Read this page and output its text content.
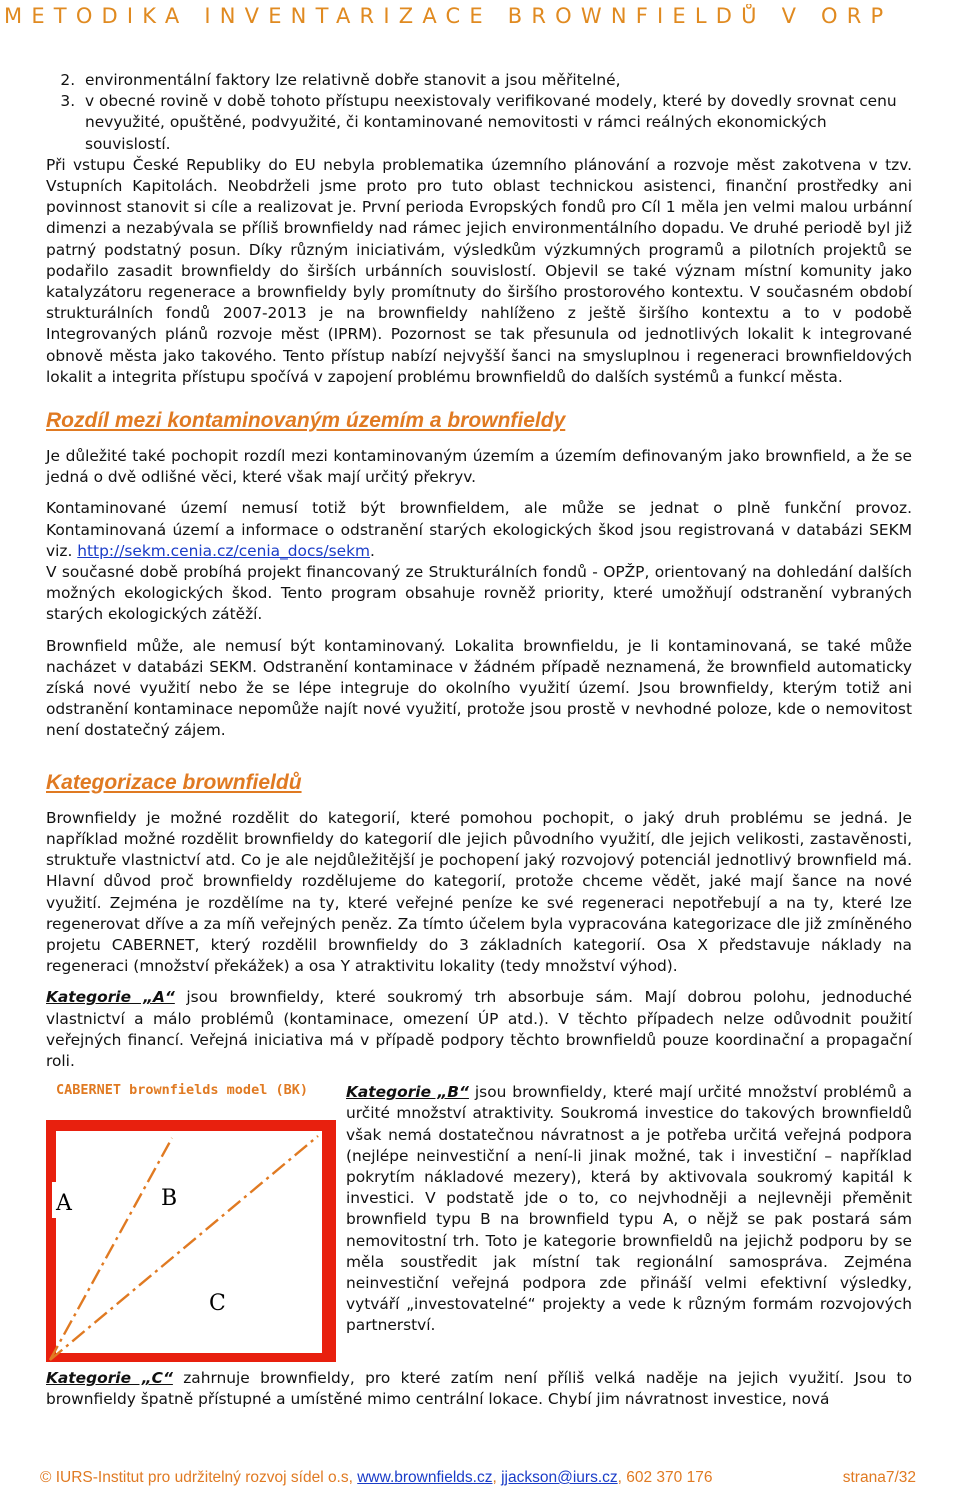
METODIKA INVENTARIZACE BROWNFIELDŮ V ORP
2. environmentální faktory lze relativně dobře stanovit a jsou měřitelné,
3. v obecné rovině v době tohoto přístupu neexistovaly verifikované modely, které by dovedly srovnat cenu nevyužité, opuštěné, podvyužité, či kontaminované nemovitosti v rámci reálných ekonomických souvislostí.

Při vstupu České Republiky do EU nebyla problematika územního plánování a rozvoje měst zakotvena v tzv. Vstupních Kapitolách. Neobdrželi jsme proto pro tuto oblast technickou asistenci, finanční prostředky ani povinnost stanovit si cíle a realizovat je. První perioda Evropských fondů pro Cíl 1 měla jen velmi malou urbánní dimenzi a nezabývala se příliš brownfieldy nad rámec jejich environmentálního dopadu. Ve druhé periodě byl již patrný podstatný posun. Díky různým iniciativám, výsledkům výzkumných programů a pilotních projektů se podařilo zasadit brownfieldy do širších urbánních souvislostí. Objevil se také význam místní komunity jako katalyzátoru regenerace a brownfieldy byly promítnuty do širšího prostorového kontextu. V současném období strukturálních fondů 2007-2013 je na brownfieldy nahlíženo z ještě širšího kontextu a to v podobě Integrovaných plánů rozvoje měst (IPRM). Pozornost se tak přesunula od jednotlivých lokalit k integrované obnově města jako takového. Tento přístup nabízí nejvyšší šanci na smysluplnou i regeneraci brownfieldových lokalit a integrita přístupu spočívá v zapojení problému brownfieldů do dalších systémů a funkcí města.

Rozdíl mezi kontaminovaným územím a brownfieldy

Je důležité také pochopit rozdíl mezi kontaminovaným územím a územím definovaným jako brownfield, a že se jedná o dvě odlišné věci, které však mají určitý překryv.

Kontaminované území nemusí totiž být brownfieldem, ale může se jednat o plně funkční provoz. Kontaminovaná území a informace o odstranění starých ekologických škod jsou registrovaná v databázi SEKM viz. http://sekm.cenia.cz/cenia_docs/sekm.

V současné době probíhá projekt financovaný ze Strukturálních fondů - OPŽP, orientovaný na dohledání dalších možných ekologických škod. Tento program obsahuje rovněž priority, které umožňují odstranění vybraných starých ekologických zátěží.

Brownfield může, ale nemusí být kontaminovaný. Lokalita brownfieldu, je li kontaminovaná, se také může nacházet v databázi SEKM. Odstranění kontaminace v žádném případě neznamená, že brownfield automaticky získá nové využití nebo že se lépe integruje do okolního využití území. Jsou brownfieldy, kterým totiž ani odstranění kontaminace nepomůže najít nové využití, protože jsou prostě v nevhodné poloze, kde o nemovitost není dostatečný zájem.

Kategorizace brownfieldů

Brownfieldy je možné rozdělit do kategorií, které pomohou pochopit, o jaký druh problému se jedná. Je například možné rozdělit brownfieldy do kategorií dle jejich původního využití, dle jejich velikosti, zastavěnosti, struktuře vlastnictví atd. Co je ale nejdůležitější je pochopení jaký rozvojový potenciál jednotlivý brownfield má. Hlavní důvod proč brownfieldy rozdělujeme do kategorií, protože chceme vědět, jaké mají šance na nové využití. Zejména je rozdělíme na ty, které veřejné peníze ke své regeneraci nepotřebují a na ty, které lze regenerovat dříve a za míň veřejných peněz. Za tímto účelem byla vypracována kategorizace dle již zmíněného projetu CABERNET, který rozdělil brownfieldy do 3 základních kategorií. Osa X představuje náklady na regeneraci (množství překážek) a osa Y atraktivitu lokality (tedy množství výhod).

Kategorie „A“ jsou brownfieldy, které soukromý trh absorbuje sám. Mají dobrou polohu, jednoduché vlastnictví a málo problémů (kontaminace, omezení ÚP atd.). V těchto případech nelze odůvodnit použití veřejných financí. Veřejná iniciativa má v případě podpory těchto brownfieldů pouze koordinační a propagační roli.

CABERNET brownfields model (BK)
A	B
C

Kategorie „B“ jsou brownfieldy, které mají určité množství problémů a určité množství atraktivity. Soukromá investice do takových brownfieldů však nemá dostatečnou návratnost a je potřeba určitá veřejná podpora (nejlépe neinvestiční a není-li jinak možné, tak i investiční – například pokrytím nákladové mezery), která by aktivovala soukromý kapitál k investici. V podstatě jde o to, co nejvhodněji a nejlevněji přeměnit brownfield typu B na brownfield typu A, o nějž se pak postará sám nemovitostní trh. Toto je kategorie brownfieldů na jejichž podporu by se měla soustředit jak místní tak regionální samospráva. Zejména neinvestiční veřejná podpora zde přináší velmi efektivní výsledky, vytváří „investovatelné“ projekty a vede k různým formám rozvojových partnerství.

Kategorie „C“ zahrnuje brownfieldy, pro které zatím není příliš velká naděje na jejich využití. Jsou to brownfieldy špatně přístupné a umístěné mimo centrální lokace. Chybí jim návratnost investice, nová

© IURS-Institut pro udržitelný rozvoj sídel o.s, www.brownfields.cz, jjackson@iurs.cz, 602 370 176	strana7/32
